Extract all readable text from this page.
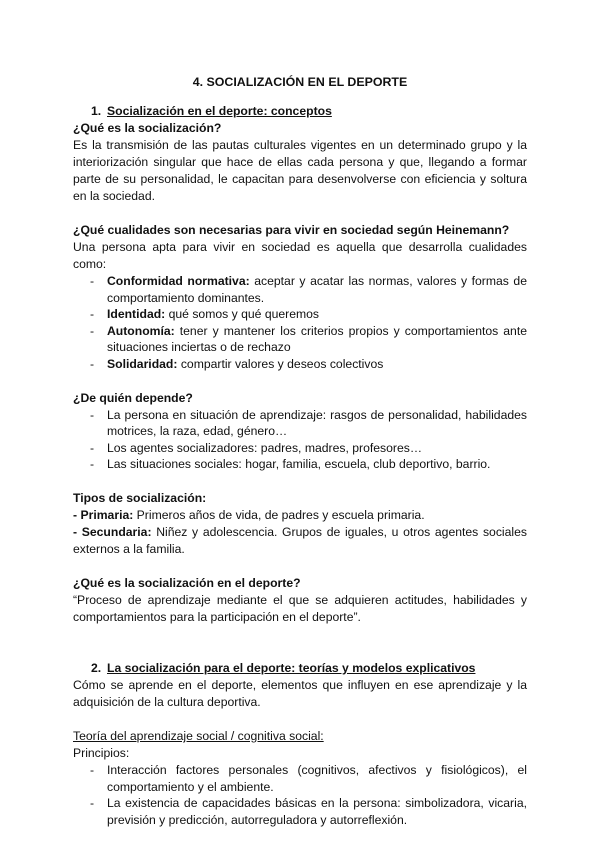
4. SOCIALIZACIÓN EN EL DEPORTE
1. Socialización en el deporte: conceptos
¿Qué es la socialización?
Es la transmisión de las pautas culturales vigentes en un determinado grupo y la interiorización singular que hace de ellas cada persona y que, llegando a formar parte de su personalidad, le capacitan para desenvolverse con eficiencia y soltura en la sociedad.
¿Qué cualidades son necesarias para vivir en sociedad según Heinemann?
Una persona apta para vivir en sociedad es aquella que desarrolla cualidades como:
- Conformidad normativa: aceptar y acatar las normas, valores y formas de comportamiento dominantes.
- Identidad: qué somos y qué queremos
- Autonomía: tener y mantener los criterios propios y comportamientos ante situaciones inciertas o de rechazo
- Solidaridad: compartir valores y deseos colectivos
¿De quién depende?
- La persona en situación de aprendizaje: rasgos de personalidad, habilidades motrices, la raza, edad, género…
- Los agentes socializadores: padres, madres, profesores…
- Las situaciones sociales: hogar, familia, escuela, club deportivo, barrio.
Tipos de socialización:
- Primaria: Primeros años de vida, de padres y escuela primaria.
- Secundaria: Niñez y adolescencia. Grupos de iguales, u otros agentes sociales externos a la familia.
¿Qué es la socialización en el deporte?
“Proceso de aprendizaje mediante el que se adquieren actitudes, habilidades y comportamientos para la participación en el deporte”.
2. La socialización para el deporte: teorías y modelos explicativos
Cómo se aprende en el deporte, elementos que influyen en ese aprendizaje y la adquisición de la cultura deportiva.
Teoría del aprendizaje social / cognitiva social:
Principios:
- Interacción factores personales (cognitivos, afectivos y fisiológicos), el comportamiento y el ambiente.
- La existencia de capacidades básicas en la persona: simbolizadora, vicaria, previsión y predicción, autorreguladora y autorreflexión.
